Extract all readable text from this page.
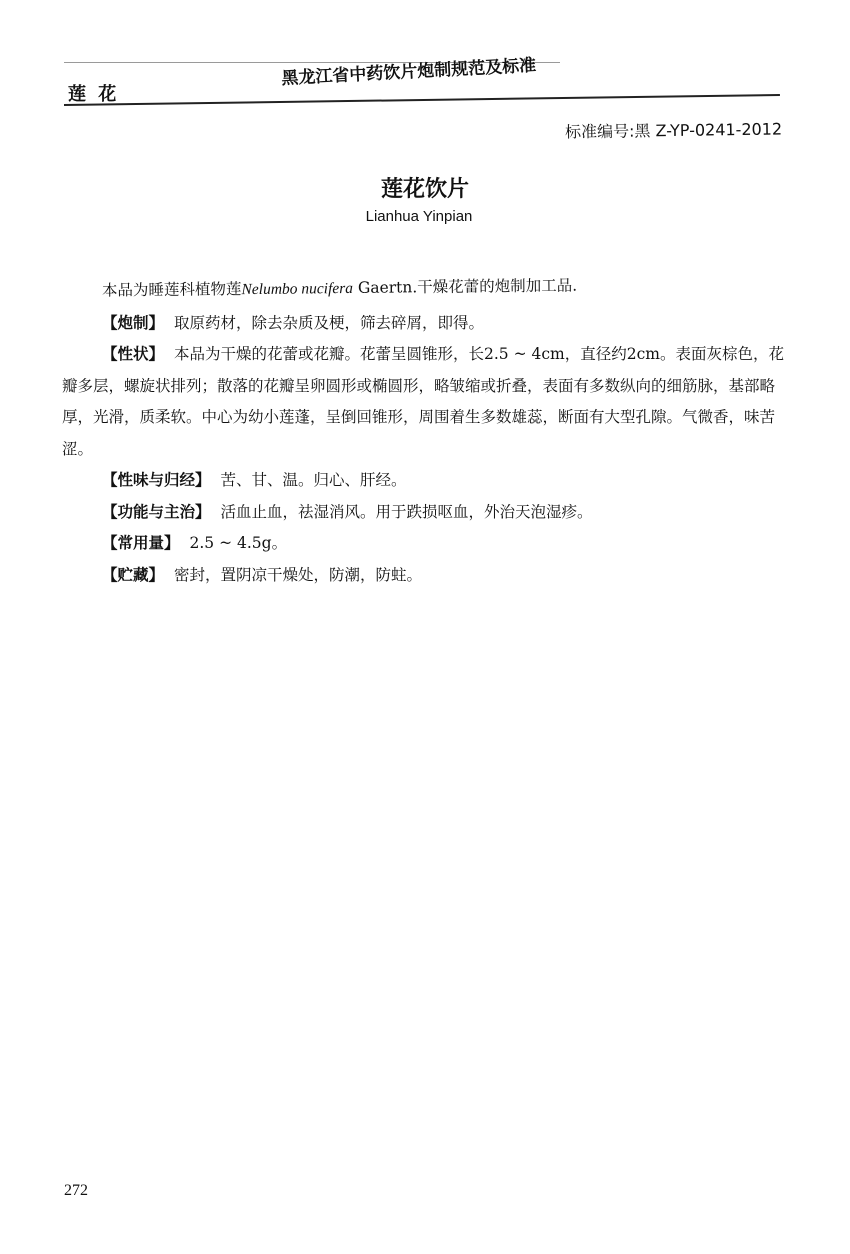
莲 花
黑龙江省中药饮片炮制规范及标准
标准编号:黑 Z-YP-0241-2012
莲花饮片
Lianhua Yinpian

本品为睡莲科植物莲Nelumbo nucifera Gaertn.干燥花蕾的炮制加工品.

【炮制】 取原药材，除去杂质及梗，筛去碎屑，即得。

【性状】 本品为干燥的花蕾或花瓣。花蕾呈圆锥形，长2.5 ~ 4cm，直径约2cm。表面灰棕色，花瓣多层，螺旋状排列；散落的花瓣呈卵圆形或椭圆形，略皱缩或折叠，表面有多数纵向的细筋脉，基部略厚，光滑，质柔软。中心为幼小莲蓬，呈倒回锥形，周围着生多数雄蕊，断面有大型孔隙。气微香，味苦涩。

【性味与归经】 苦、甘、温。归心、肝经。

【功能与主治】 活血止血，祛湿消风。用于跌损呕血，外治天泡湿疹。

【常用量】 2.5 ~ 4.5g。

【贮藏】 密封，置阴凉干燥处，防潮，防蛀。

272
